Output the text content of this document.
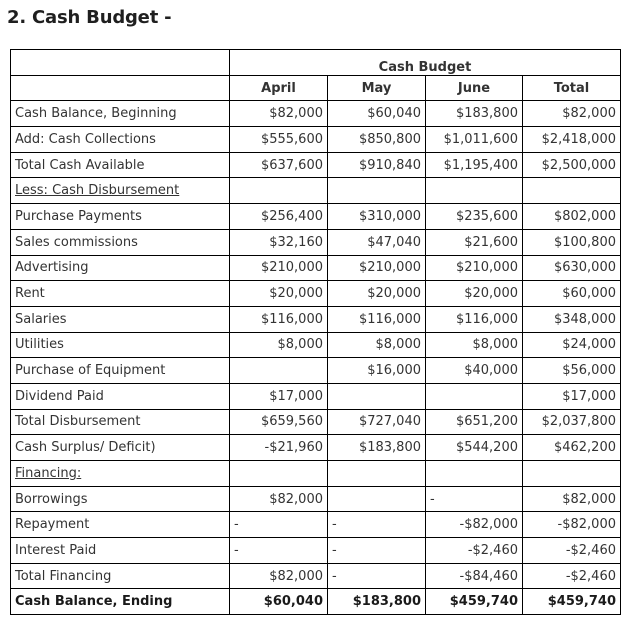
2. Cash Budget -
	Cash Budget			
	April	May	June	Total
Cash Balance, Beginning	$82,000	$60,040	$183,800	$82,000
Add: Cash Collections	$555,600	$850,800	$1,011,600	$2,418,000
Total Cash Available	$637,600	$910,840	$1,195,400	$2,500,000
Less: Cash Disbursement				
Purchase Payments	$256,400	$310,000	$235,600	$802,000
Sales commissions	$32,160	$47,040	$21,600	$100,800
Advertising	$210,000	$210,000	$210,000	$630,000
Rent	$20,000	$20,000	$20,000	$60,000
Salaries	$116,000	$116,000	$116,000	$348,000
Utilities	$8,000	$8,000	$8,000	$24,000
Purchase of Equipment		$16,000	$40,000	$56,000
Dividend Paid	$17,000			$17,000
Total Disbursement	$659,560	$727,040	$651,200	$2,037,800
Cash Surplus/ Deficit)	-$21,960	$183,800	$544,200	$462,200
Financing:				
Borrowings	$82,000		-	$82,000
Repayment	-	-	-$82,000	-$82,000
Interest Paid	-	-	-$2,460	-$2,460
Total Financing	$82,000	-	-$84,460	-$2,460
Cash Balance, Ending	$60,040	$183,800	$459,740	$459,740
